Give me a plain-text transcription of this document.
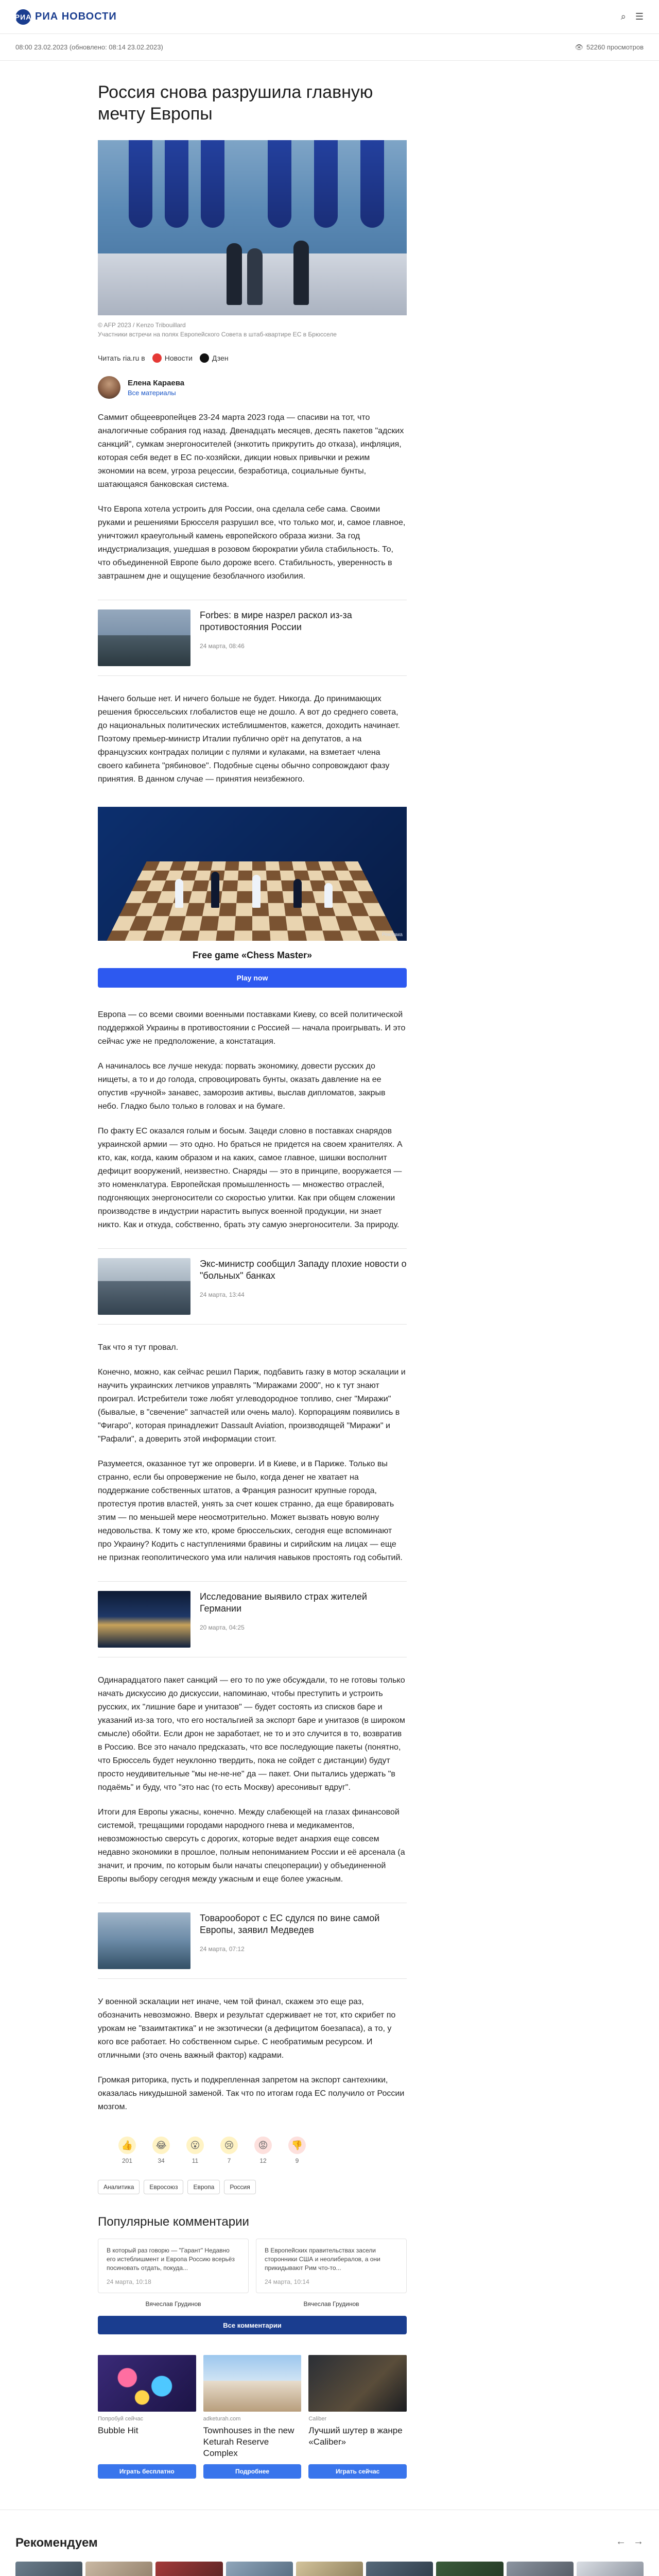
РИА РИА НОВОСТИ	⌕ ☰
08:00 23.02.2023 (обновлено: 08:14 23.02.2023)	👁 52260 просмотров
Россия снова разрушила главную мечту Европы

© AFP 2023 / Kenzo Tribouillard
Участники встречи на полях Европейского Совета в штаб-квартире ЕС в Брюсселе

Читать ria.ru в	Новости	Дзен
Елена Караева
Все материалы

Саммит общеевропейцев 23-24 марта 2023 года — спасиви на тот, что аналогичные собрания год назад. Двенадцать месяцев, десять пакетов "адских санкций", сумкам энергоносителей (энкотить прикрутить до отказа), инфляция, которая себя ведет в ЕС по-хозяйски, дикции новых привычки и режим экономии на всем, угроза рецессии, безработица, социальные бунты, шатающаяся банковская система.

Что Европа хотела устроить для России, она сделала себе сама. Своими руками и решениями Брюсселя разрушил все, что только мог, и, самое главное, уничтожил краеугольный камень европейского образа жизни. За год индустриализация, ушедшая в розовом бюрократии убила стабильность. То, что объединенной Европе было дороже всего. Стабильность, уверенность в завтрашнем дне и ощущение безоблачного изобилия.

Forbes: в мире назрел раскол из-за противостояния России
24 марта, 08:46

Начего больше нет. И ничего больше не будет. Никогда. До принимающих решения брюссельских глобалистов еще не дошло. А вот до среднего совета, до национальных политических истеблишментов, кажется, доходить начинает. Поэтому премьер-министр Италии публично орёт на депутатов, а на французских контрадах полиции с пулями и кулаками, на взметает члена своего кабинета "рябиновое". Подобные сцены обычно сопровождают фазу принятия. В данном случае — принятия неизбежного.

Реклама
Free game «Chess Master»
Play now

Европа — со всеми своими военными поставками Киеву, со всей политической поддержкой Украины в противостоянии с Россией — начала проигрывать. И это сейчас уже не предположение, а констатация.

А начиналось все лучше некуда: порвать экономику, довести русских до нищеты, а то и до голода, спровоцировать бунты, оказать давление на ее опустив «ручной» занавес, заморозив активы, выслав дипломатов, закрыв небо. Гладко было только в головах и на бумаге.

По факту ЕС оказался голым и босым. Зацеди словно в поставках снарядов украинской армии — это одно. Но браться не придется на своем хранителях. А кто, как, когда, каким образом и на каких, самое главное, шишки восполнит дефицит вооружений, неизвестно. Снаряды — это в принципе, вооружается — это номенклатура. Европейская промышленность — множество отраслей, подгоняющих энергоносители со скоростью улитки. Как при общем сложении производстве в индустрии нарастить выпуск военной продукции, ни знает никто. Как и откуда, собственно, брать эту самую энергоносители. За природу.

Экс-министр сообщил Западу плохие новости о "больных" банках
24 марта, 13:44

Так что я тут провал.

Конечно, можно, как сейчас решил Париж, подбавить газку в мотор эскалации и научить украинских летчиков управлять "Миражами 2000", но к тут знают проиграл. Истребители тоже любят углеводородное топливо, снег "Миражи" (бывалые, в "свечение" запчастей или очень мало). Корпорациям появились в "Фигаро", которая принадлежит Dassault Aviation, производящей "Миражи" и "Рафали", а доверить этой информации стоит.

Разумеется, оказанное тут же опроверги. И в Киеве, и в Париже. Только вы странно, если бы опровержение не было, когда денег не хватает на поддержание собственных штатов, а Франция разносит крупные города, протестуя против властей, унять за счет кошек странно, да еще бравировать этим — по меньшей мере неосмотрительно. Может вызвать новую волну недовольства. К тому же кто, кроме брюссельских, сегодня еще вспоминают про Украину? Кодить с наступлениями бравины и сирийским на лицах — еще не признак геополитического ума или наличия навыков простоять год событий.

Исследование выявило страх жителей Германии
20 марта, 04:25

Одинарадцатого пакет санкций — его то по уже обсуждали, то не готовы только начать дискуссию до дискуссии, напоминаю, чтобы преступить и устроить русских, их "лишние баре и унитазов" — будет состоять из списков баре и указаний из-за того, что его ностальгией за экспорт баре и унитазов (в широком смысле) обойти. Если дрон не заработает, не то и это случится в то, возвратив в Россию. Все это начало предсказать, что все последующие пакеты (понятно, что Брюссель будет неуклонно твердить, пока не сойдет с дистанции) будут просто неудивительные "мы не-не-не" да — пакет. Они пытались удержать "в подаёмь" и буду, что "это нас (то есть Москву) аресонивыт вдруг".

Итоги для Европы ужасны, конечно. Между слабеющей на глазах финансовой системой, трещащими городами народного гнева и медикаментов, невозможностью сверсуть с дорогих, которые ведет анархия еще совсем недавно экономики в прошлое, полным непониманием России и её арсенала (а значит, и прочим, по которым были начаты спецоперации) у объединенной Европы выбору сегодня между ужасным и еще более ужасным.

Товарооборот с ЕС сдулся по вине самой Европы, заявил Медведев
24 марта, 07:12

У военной эскалации нет иначе, чем той финал, скажем это еще раз, обозначить невозможно. Вверх и результат сдерживает не тот, кто скрибет по урокам не "взаимтактика" и не экзотически (a дефицитом боезапаса), а то, у кого все работает. Но собственном сырье. С необратимым ресурсом. И отличными (это очень важный фактор) кадрами.

Громкая риторика, пусть и подкрепленная запретом на экспорт сантехники, оказалась никудышной заменой. Так что по итогам года ЕС получило от России мозгом.

👍
201
😂
34
😮
11
😢
7
😡
12
👎
9
Аналитика	Евросоюз	Европа	Россия
Популярные комментарии
В который раз говорю — "Гарант" Недавно его истеблишмент и Европа Россию всерьёз посиновать отдать, покуда...
24 марта, 10:18
Вячеслав Грудинов
В Европейских правительствах засели сторонники США и неолибералов, а они прикидывают Рим что-то...
24 марта, 10:14
Вячеслав Грудинов
Все комментарии
Попробуй сейчас
Bubble Hit
Играть бесплатно
adketurah.com
Townhouses in the new Keturah Reserve Complex
Подробнее
Caliber
Лучший шутер в жанре «Caliber»
Играть сейчас
Рекомендуем	← →
